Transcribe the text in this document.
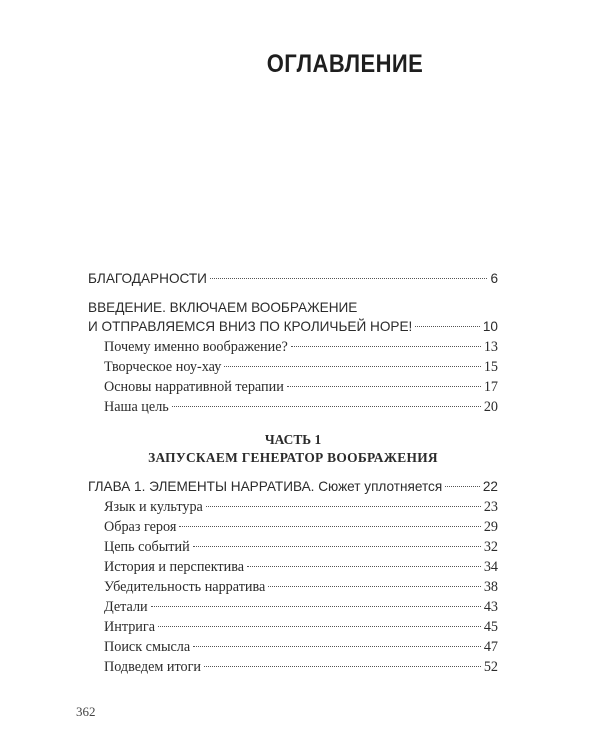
ОГЛАВЛЕНИЕ
БЛАГОДАРНОСТИ	6
ВВЕДЕНИЕ. ВКЛЮЧАЕМ ВООБРАЖЕНИЕ
И ОТПРАВЛЯЕМСЯ ВНИЗ ПО КРОЛИЧЬЕЙ НОРЕ!	10
Почему именно воображение?	13
Творческое ноу-хау	15
Основы нарративной терапии	17
Наша цель	20
ЧАСТЬ 1
ЗАПУСКАЕМ ГЕНЕРАТОР ВООБРАЖЕНИЯ
ГЛАВА 1. ЭЛЕМЕНТЫ НАРРАТИВА. Сюжет уплотняется	22
Язык и культура	23
Образ героя	29
Цепь событий	32
История и перспектива	34
Убедительность нарратива	38
Детали	43
Интрига	45
Поиск смысла	47
Подведем итоги	52
362
